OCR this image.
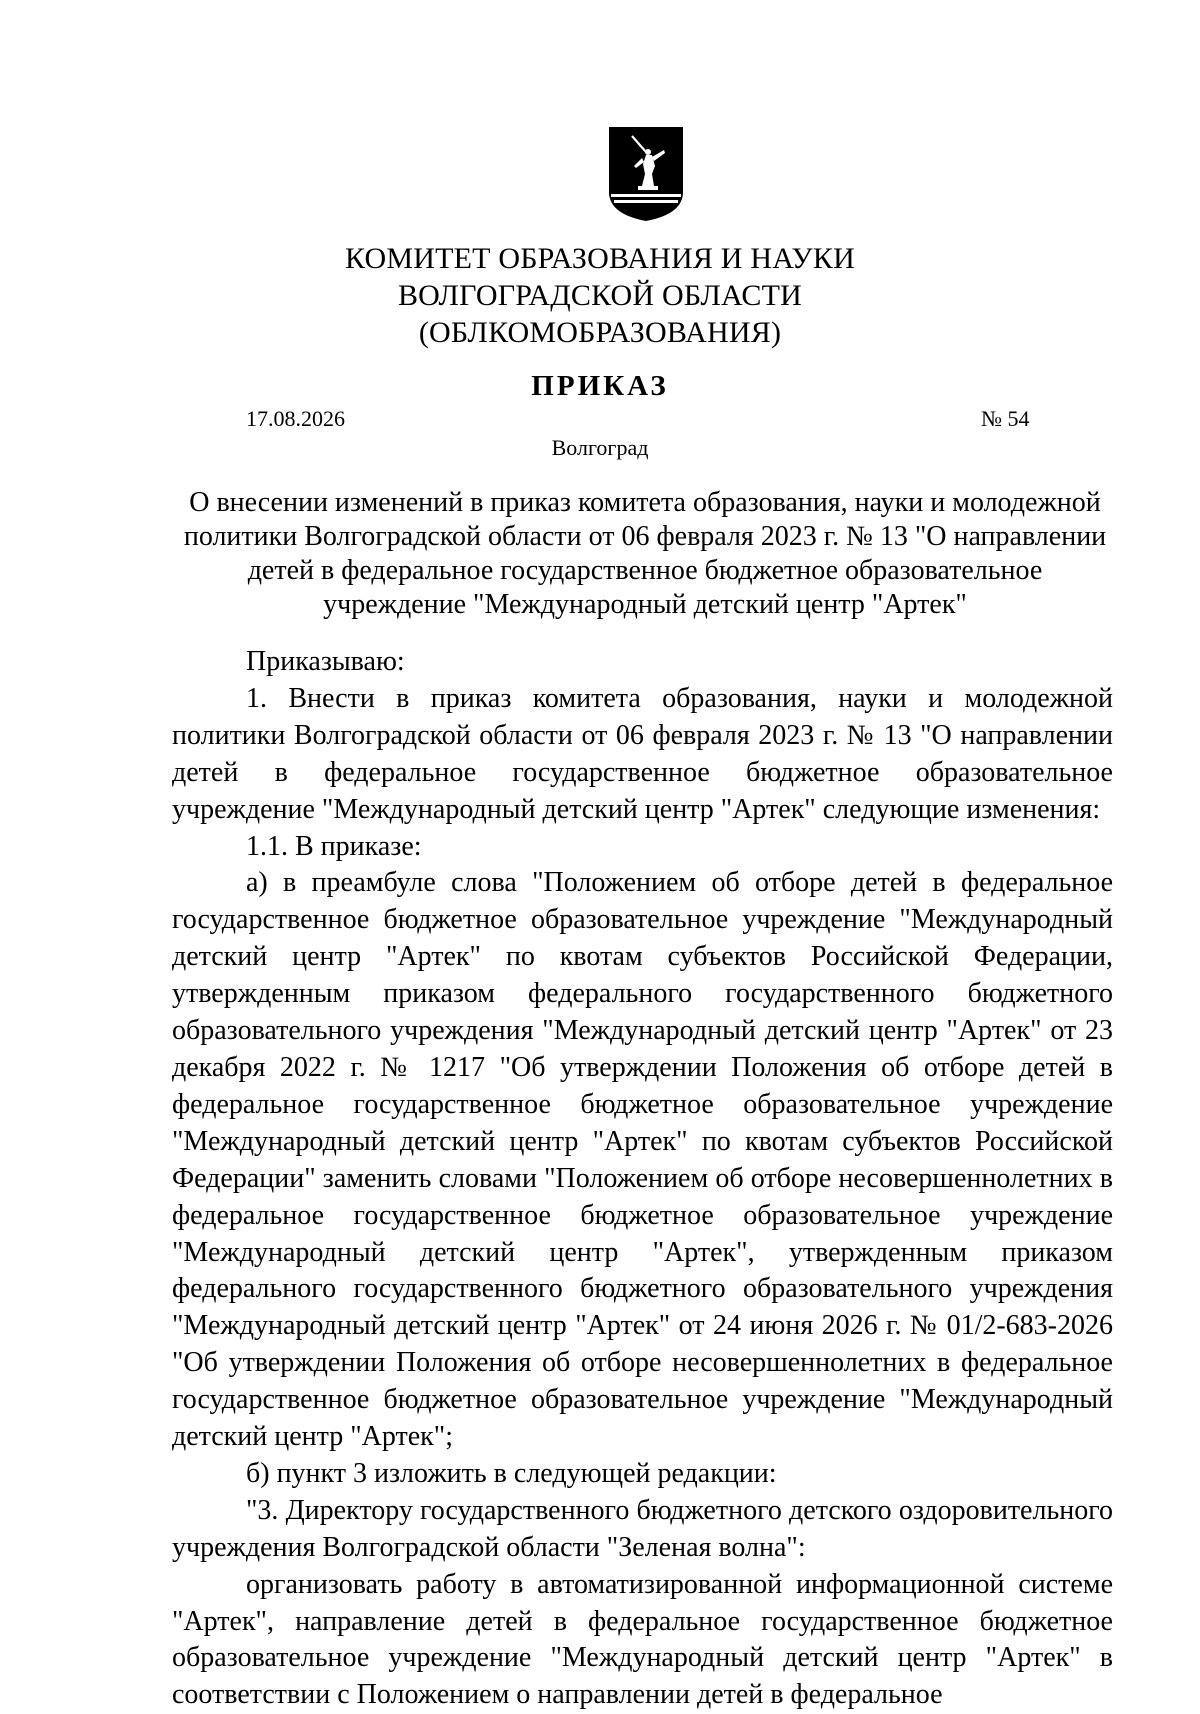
КОМИТЕТ ОБРАЗОВАНИЯ И НАУКИ
ВОЛГОГРАДСКОЙ ОБЛАСТИ
(ОБЛКОМОБРАЗОВАНИЯ)
ПРИКАЗ
17.08.2026	№ 54
Волгоград
О внесении изменений в приказ комитета образования, науки и молодежной
политики Волгоградской области от 06 февраля 2023 г. № 13 "О направлении
детей в федеральное государственное бюджетное образовательное
учреждение "Международный детский центр "Артек"

Приказываю:

1. Внести в приказ комитета образования, науки и молодежной политики Волгоградской области от 06 февраля 2023 г. № 13 "О направлении детей в федеральное государственное бюджетное образовательное учреждение "Международный детский центр "Артек" следующие изменения:

1.1. В приказе:

а) в преамбуле слова "Положением об отборе детей в федеральное государственное бюджетное образовательное учреждение "Международный детский центр "Артек" по квотам субъектов Российской Федерации, утвержденным приказом федерального государственного бюджетного образовательного учреждения "Международный детский центр "Артек" от 23 декабря 2022 г. № 1217 "Об утверждении Положения об отборе детей в федеральное государственное бюджетное образовательное учреждение "Международный детский центр "Артек" по квотам субъектов Российской Федерации" заменить словами "Положением об отборе несовершеннолетних в федеральное государственное бюджетное образовательное учреждение "Международный детский центр "Артек", утвержденным приказом федерального государственного бюджетного образовательного учреждения "Международный детский центр "Артек" от 24 июня 2026 г. № 01/2-683-2026 "Об утверждении Положения об отборе несовершеннолетних в федеральное государственное бюджетное образовательное учреждение "Международный детский центр "Артек";

б) пункт 3 изложить в следующей редакции:

"3. Директору государственного бюджетного детского оздоровительного учреждения Волгоградской области "Зеленая волна":

организовать работу в автоматизированной информационной системе "Артек", направление детей в федеральное государственное бюджетное образовательное учреждение "Международный детский центр "Артек" в соответствии с Положением о направлении детей в федеральное
